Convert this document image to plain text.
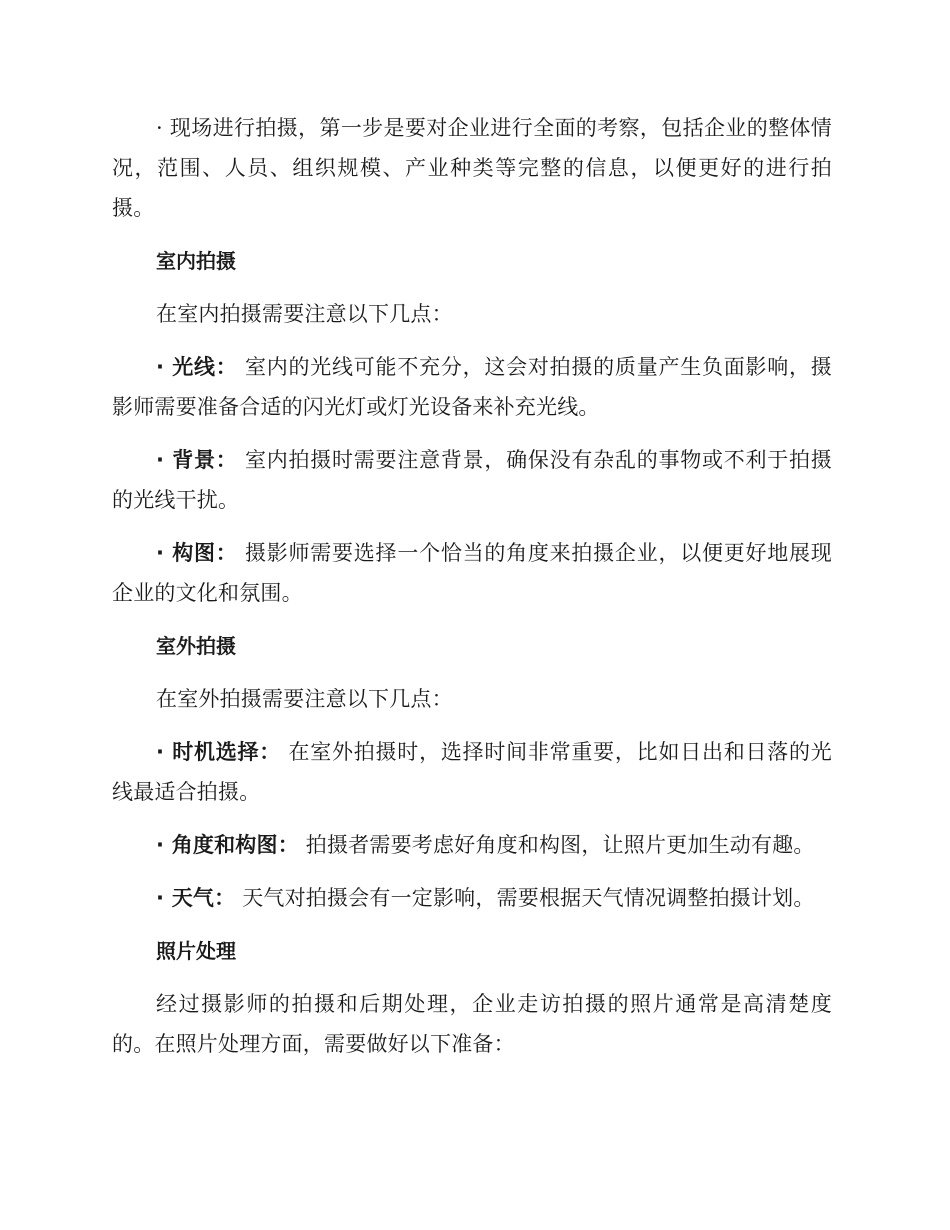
· 现场进行拍摄，第一步是要对企业进行全面的考察，包括企业的整体情况，范围、人员、组织规模、产业种类等完整的信息，以便更好的进行拍摄。

室内拍摄

在室内拍摄需要注意以下几点：

· 光线： 室内的光线可能不充分，这会对拍摄的质量产生负面影响，摄影师需要准备合适的闪光灯或灯光设备来补充光线。

· 背景： 室内拍摄时需要注意背景，确保没有杂乱的事物或不利于拍摄的光线干扰。

· 构图： 摄影师需要选择一个恰当的角度来拍摄企业，以便更好地展现企业的文化和氛围。

室外拍摄

在室外拍摄需要注意以下几点：

· 时机选择： 在室外拍摄时，选择时间非常重要，比如日出和日落的光线最适合拍摄。

· 角度和构图： 拍摄者需要考虑好角度和构图，让照片更加生动有趣。

· 天气： 天气对拍摄会有一定影响，需要根据天气情况调整拍摄计划。

照片处理

经过摄影师的拍摄和后期处理，企业走访拍摄的照片通常是高清楚度的。在照片处理方面，需要做好以下准备：
